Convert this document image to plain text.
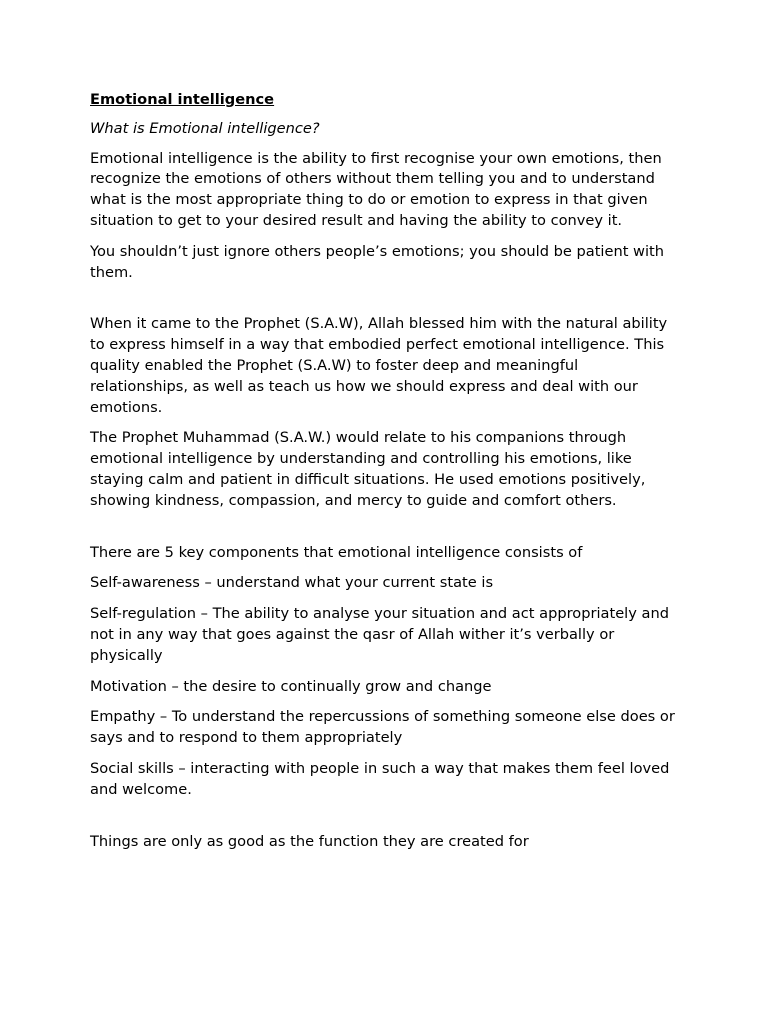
Emotional intelligence
What is Emotional intelligence?

Emotional intelligence is the ability to first recognise your own emotions, then recognize the emotions of others without them telling you and to understand what is the most appropriate thing to do or emotion to express in that given situation to get to your desired result and having the ability to convey it.

You shouldn’t just ignore others people’s emotions; you should be patient with them.

When it came to the Prophet (S.A.W), Allah blessed him with the natural ability to express himself in a way that embodied perfect emotional intelligence. This quality enabled the Prophet (S.A.W) to foster deep and meaningful relationships, as well as teach us how we should express and deal with our emotions.

The Prophet Muhammad (S.A.W.) would relate to his companions through emotional intelligence by understanding and controlling his emotions, like staying calm and patient in difficult situations. He used emotions positively, showing kindness, compassion, and mercy to guide and comfort others.

There are 5 key components that emotional intelligence consists of

Self-awareness – understand what your current state is

Self-regulation – The ability to analyse your situation and act appropriately and not in any way that goes against the qasr of Allah wither it’s verbally or physically

Motivation – the desire to continually grow and change

Empathy – To understand the repercussions of something someone else does or says and to respond to them appropriately

Social skills – interacting with people in such a way that makes them feel loved and welcome.

Things are only as good as the function they are created for
